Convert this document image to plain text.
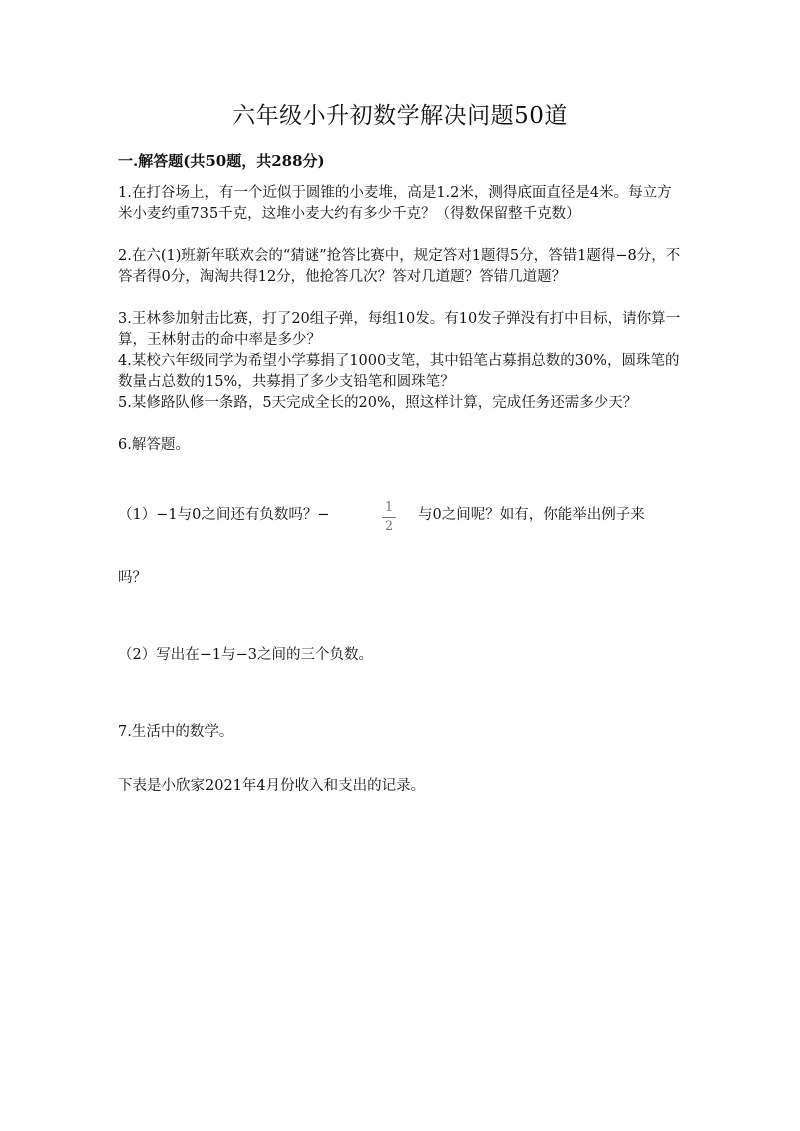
六年级小升初数学解决问题50道
一.解答题(共50题，共288分)
1.在打谷场上，有一个近似于圆锥的小麦堆，高是1.2米，测得底面直径是4米。每立方米小麦约重735千克，这堆小麦大约有多少千克？（得数保留整千克数）
2.在六(1)班新年联欢会的“猜谜”抢答比赛中，规定答对1题得5分，答错1题得−8分，不答者得0分，淘淘共得12分，他抢答几次？答对几道题？答错几道题？
3.王林参加射击比赛，打了20组子弹，每组10发。有10发子弹没有打中目标，请你算一算，王林射击的命中率是多少？
4.某校六年级同学为希望小学募捐了1000支笔，其中铅笔占募捐总数的30%，圆珠笔的数量占总数的15%，共募捐了多少支铅笔和圆珠笔？
5.某修路队修一条路，5天完成全长的20%，照这样计算，完成任务还需多少天？
6.解答题。
（1）−1与0之间还有负数吗？−	1
2
与0之间呢？如有，你能举出例子来
吗？
（2）写出在−1与−3之间的三个负数。
7.生活中的数学。
下表是小欣家2021年4月份收入和支出的记录。
